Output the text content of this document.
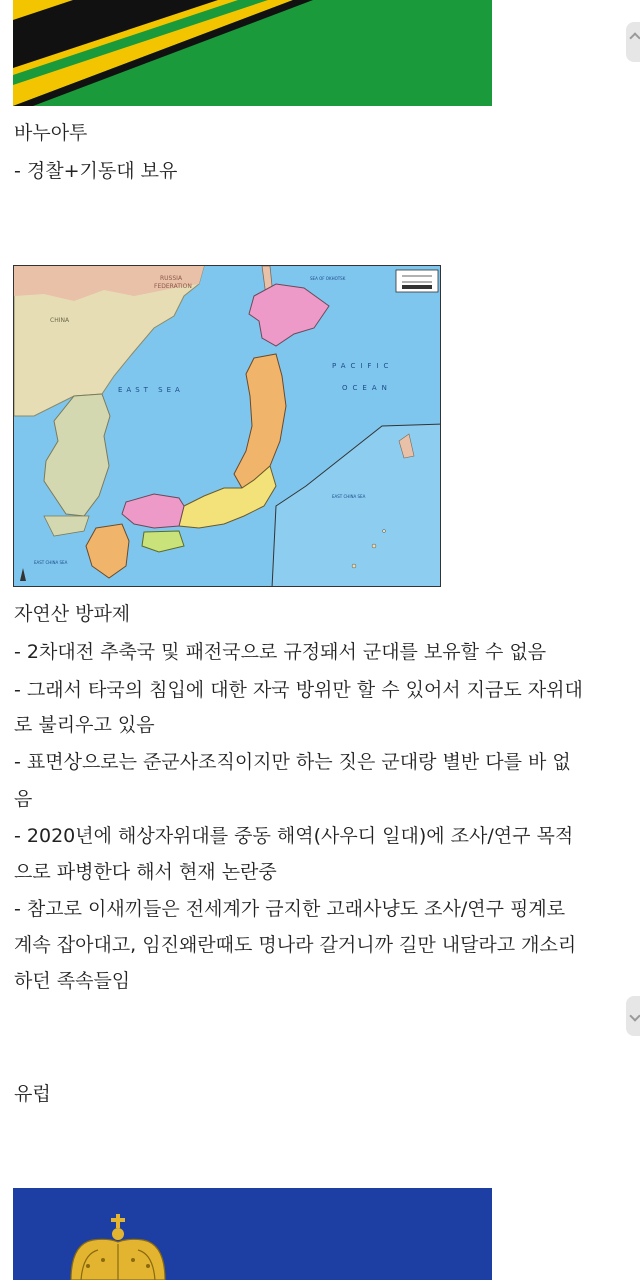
바누아투
- 경찰+기동대 보유
RUSSIA
FEDERATION
SEA OF OKHOTSK
CHINA
EAST SEA
PACIFIC
OCEAN
EAST CHINA SEA
EAST CHINA SEA
자연산 방파제
- 2차대전 추축국 및 패전국으로 규정돼서 군대를 보유할 수 없음
- 그래서 타국의 침입에 대한 자국 방위만 할 수 있어서 지금도 자위대
로 불리우고 있음
- 표면상으로는 준군사조직이지만 하는 짓은 군대랑 별반 다를 바 없
음
- 2020년에 해상자위대를 중동 해역(사우디 일대)에 조사/연구 목적
으로 파병한다 해서 현재 논란중
- 참고로 이새끼들은 전세계가 금지한 고래사냥도 조사/연구 핑계로
계속 잡아대고, 임진왜란때도 명나라 갈거니까 길만 내달라고 개소리
하던 족속들임
유럽
